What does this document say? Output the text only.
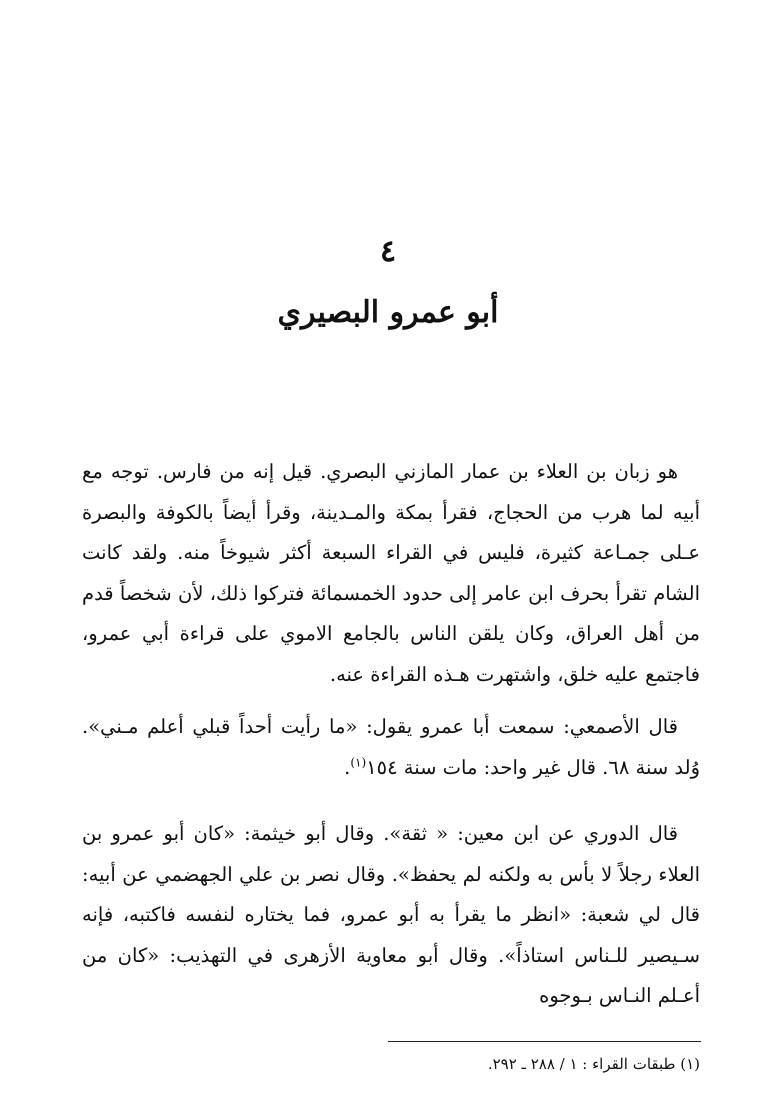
٤
أبو عمرو البصيري

هو زبان بن العلاء بن عمار المازني البصري. قيل إنه من فارس. توجه مع أبيه لما هرب من الحجاج، فقرأ بمكة والمـدينة، وقرأ أيضاً بالكوفة والبصرة عـلى جمـاعة كثيرة، فليس في القراء السبعة أكثر شيوخاً منه. ولقد كانت الشام تقرأ بحرف ابن عامر إلى حدود الخمسمائة فتركوا ذلك، لأن شخصاً قدم من أهل العراق، وكان يلقن الناس بالجامع الاموي على قراءة أبي عمرو، فاجتمع عليه خلق، واشتهرت هـذه القراءة عنه.

قال الأصمعي: سمعت أبا عمرو يقول: «ما رأيت أحداً قبلي أعلم مـني». وُلد سنة ٦٨. قال غير واحد: مات سنة ١٥٤$^{(١)}$.

قال الدوري عن ابن معين: « ثقة». وقال أبو خيثمة: «كان أبو عمرو بن العلاء رجلاً لا بأس به ولكنه لم يحفظ». وقال نصر بن علي الجهضمي عن أبيه: قال لي شعبة: «انظر ما يقرأ به أبو عمرو، فما يختاره لنفسه فاكتبه، فإنه سـيصير للـناس استاذاً». وقال أبو معاوية الأزهرى في التهذيب: «كان من أعـلم النـاس بـوجوه

(١) طبقات القراء : ١ / ٢٨٨ ـ ٢٩٢.
